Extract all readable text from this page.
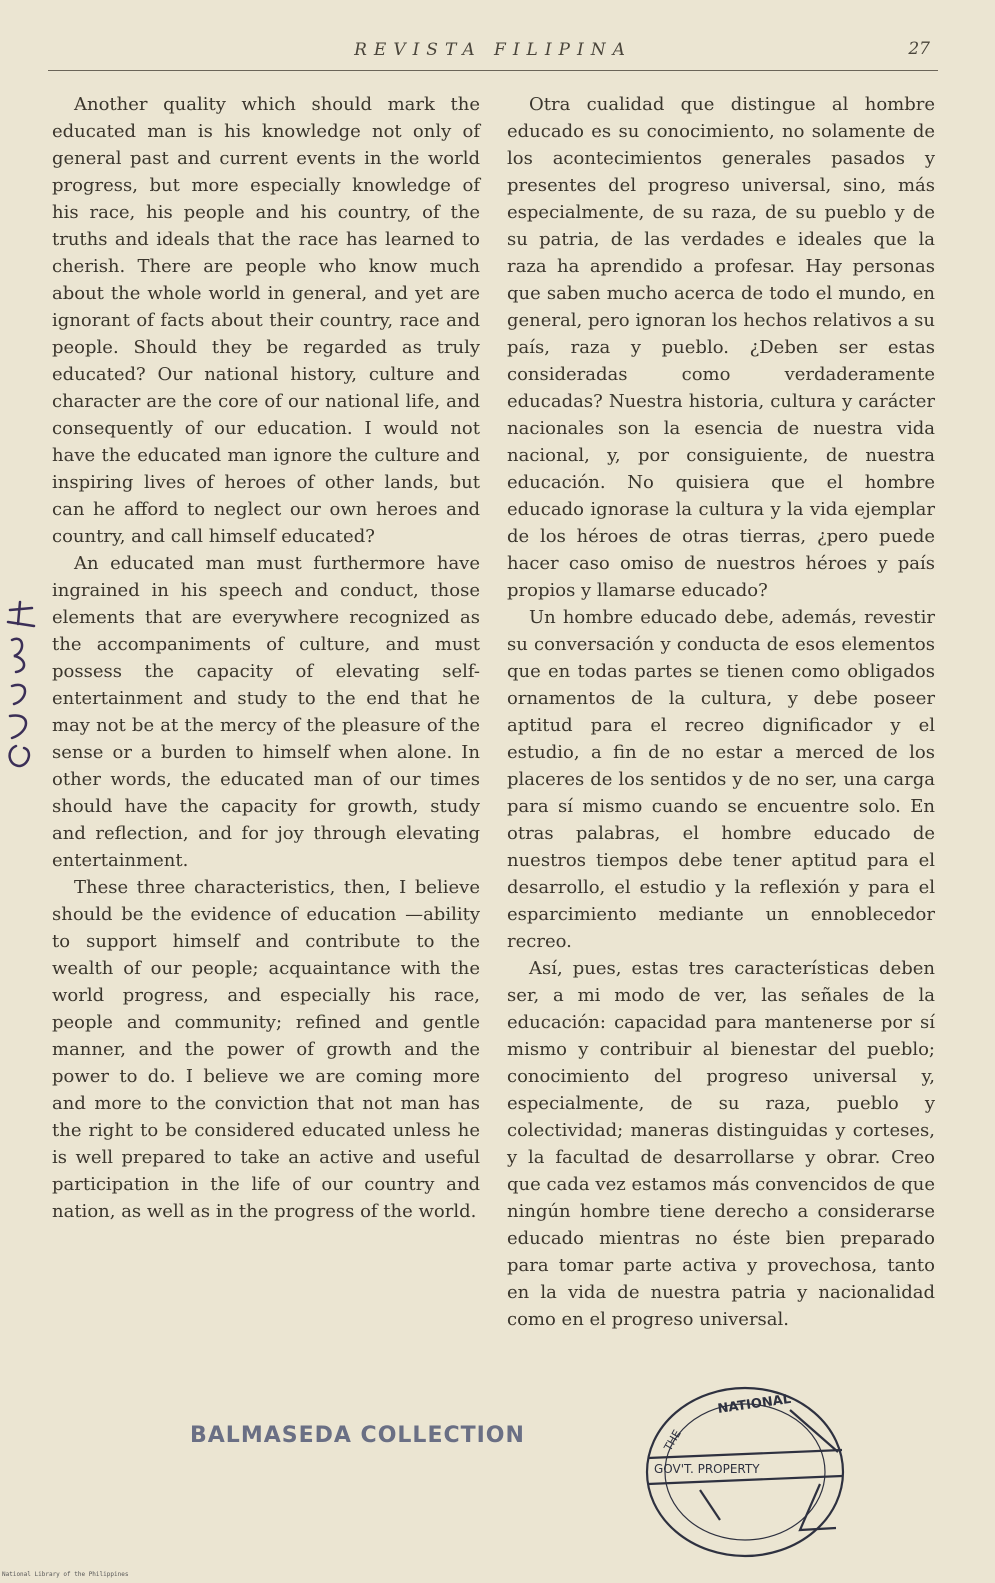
REVISTA FILIPINA	27

Another quality which should mark the educated man is his knowledge not only of general past and current events in the world progress, but more especially knowledge of his race, his people and his country, of the truths and ideals that the race has learned to cherish. There are people who know much about the whole world in general, and yet are ignorant of facts about their country, race and people. Should they be regarded as truly educated? Our national history, culture and character are the core of our national life, and consequently of our education. I would not have the educated man ignore the culture and inspiring lives of heroes of other lands, but can he afford to neglect our own heroes and country, and call himself educated?

An educated man must furthermore have ingrained in his speech and conduct, those elements that are everywhere recognized as the accompaniments of culture, and must possess the capacity of elevating self-entertainment and study to the end that he may not be at the mercy of the pleasure of the sense or a burden to himself when alone. In other words, the educated man of our times should have the capacity for growth, study and reflection, and for joy through elevating entertainment.

These three characteristics, then, I believe should be the evidence of education —ability to support himself and contribute to the wealth of our people; acquaintance with the world progress, and especially his race, people and community; refined and gentle manner, and the power of growth and the power to do. I believe we are coming more and more to the conviction that not man has the right to be considered educated unless he is well prepared to take an active and useful participation in the life of our country and nation, as well as in the progress of the world.

Otra cualidad que distingue al hombre educado es su conocimiento, no solamente de los acontecimientos generales pasados y presentes del progreso universal, sino, más especialmente, de su raza, de su pueblo y de su patria, de las verdades e ideales que la raza ha aprendido a profesar. Hay personas que saben mucho acerca de todo el mundo, en general, pero ignoran los hechos relativos a su país, raza y pueblo. ¿Deben ser estas consideradas como verdaderamente educadas? Nuestra historia, cultura y carácter nacionales son la esencia de nuestra vida nacional, y, por consiguiente, de nuestra educación. No quisiera que el hombre educado ignorase la cultura y la vida ejemplar de los héroes de otras tierras, ¿pero puede hacer caso omiso de nuestros héroes y país propios y llamarse educado?

Un hombre educado debe, además, revestir su conversación y conducta de esos elementos que en todas partes se tienen como obligados ornamentos de la cultura, y debe poseer aptitud para el recreo dignificador y el estudio, a fin de no estar a merced de los placeres de los sentidos y de no ser, una carga para sí mismo cuando se encuentre solo. En otras palabras, el hombre educado de nuestros tiempos debe tener aptitud para el desarrollo, el estudio y la reflexión y para el esparcimiento mediante un ennoblecedor recreo.

Así, pues, estas tres características deben ser, a mi modo de ver, las señales de la educación: capacidad para mantenerse por sí mismo y contribuir al bienestar del pueblo; conocimiento del progreso universal y, especialmente, de su raza, pueblo y colectividad; maneras distinguidas y corteses, y la facultad de desarrollarse y obrar. Creo que cada vez estamos más convencidos de que ningún hombre tiene derecho a considerarse educado mientras no éste bien preparado para tomar parte activa y provechosa, tanto en la vida de nuestra patria y nacionalidad como en el progreso universal.

BALMASEDA COLLECTION
NATIONAL
GOV'T. PROPERTY
THE
National Library of the Philippines
